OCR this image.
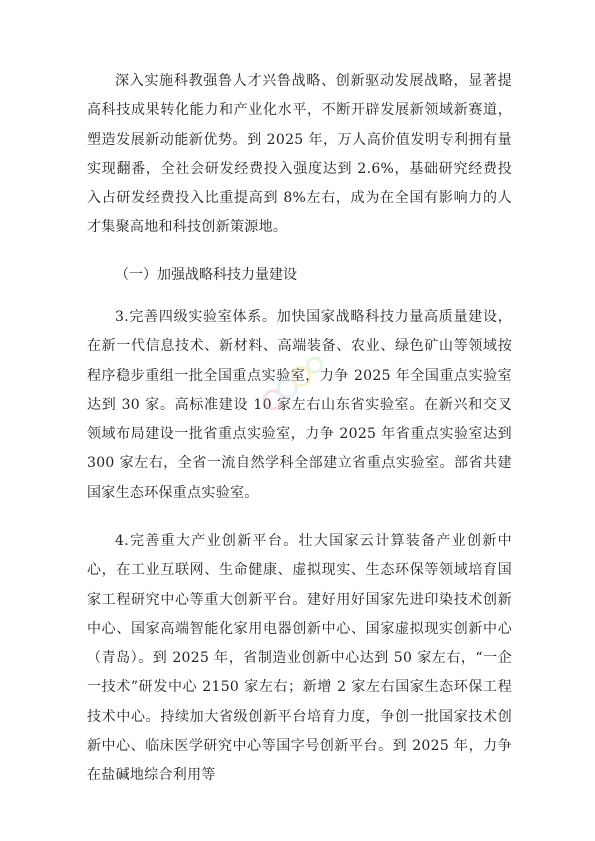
深入实施科教强鲁人才兴鲁战略、创新驱动发展战略，显著提高科技成果转化能力和产业化水平，不断开辟发展新领域新赛道，塑造发展新动能新优势。到 2025 年，万人高价值发明专利拥有量实现翻番，全社会研发经费投入强度达到 2.6%，基础研究经费投入占研发经费投入比重提高到 8%左右，成为在全国有影响力的人才集聚高地和科技创新策源地。

（一）加强战略科技力量建设

3.完善四级实验室体系。加快国家战略科技力量高质量建设，在新一代信息技术、新材料、高端装备、农业、绿色矿山等领域按程序稳步重组一批全国重点实验室，力争 2025 年全国重点实验室达到 30 家。高标准建设 10 家左右山东省实验室。在新兴和交叉领域布局建设一批省重点实验室，力争 2025 年省重点实验室达到 300 家左右，全省一流自然学科全部建立省重点实验室。部省共建国家生态环保重点实验室。

4.完善重大产业创新平台。壮大国家云计算装备产业创新中心，在工业互联网、生命健康、虚拟现实、生态环保等领域培育国家工程研究中心等重大创新平台。建好用好国家先进印染技术创新中心、国家高端智能化家用电器创新中心、国家虚拟现实创新中心（青岛）。到 2025 年，省制造业创新中心达到 50 家左右，“一企一技术”研发中心 2150 家左右；新增 2 家左右国家生态环保工程技术中心。持续加大省级创新平台培育力度，争创一批国家技术创新中心、临床医学研究中心等国字号创新平台。到 2025 年，力争在盐碱地综合利用等
